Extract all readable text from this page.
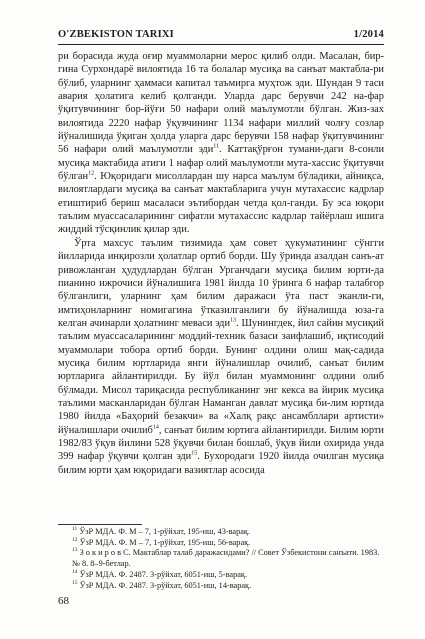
O'ZBEKISTON TARIXI	1/2014

ри борасида жуда оғир муаммоларни мерос қилиб олди. Масалан, бир-гина Сурхондарё вилоятида 16 та болалар мусиқа ва санъат мактабла-ри бўлиб, уларнинг ҳаммаси капитал таъмирга муҳтож эди. Шундан 9 таси авария ҳолатига келиб қолганди. Уларда дарс берувчи 242 на-фар ўқитувчининг бор-йўғи 50 нафари олий маълумотли бўлган. Жиз-зах вилоятида 2220 нафар ўқувчининг 1134 нафари миллий чолғу созлар йўналишида ўқиган ҳолда уларга дарс берувчи 158 нафар ўқитувчининг 56 нафари олий маълумотли эди$^{11}$. Каттақўрғон тумани-даги 8-сонли мусиқа мактабида атиги 1 нафар олий маълумотли мута-хассис ўқитувчи бўлган$^{12}$. Юқоридаги мисоллардан шу нарса маълум бўладики, айниқса, вилоятлардаги мусиқа ва санъат мактабларига учун мутахассис кадрлар етиштириб бериш масаласи эътибордан четда қол-ганди. Бу эса юқори таълим муассасаларининг сифатли мутахассис кадрлар тайёрлаш ишига жиддий тўсқинлик қилар эди.

Ўрта махсус таълим тизимида ҳам совет ҳукуматининг сўнгги йилларида инқирозли ҳолатлар ортиб борди. Шу ўринда азалдан санъ-ат ривожланган ҳудудлардан бўлган Урганчдаги мусиқа билим юрти-да пианино ижрочиси йўналишига 1981 йилда 10 ўринга 6 нафар талабгор бўлганлиги, уларнинг ҳам билим даражаси ўта паст эканли-ги, имтиҳонларнинг номигагина ўтказилганлиги бу йўналишда юза-га келган ачинарли ҳолатнинг меваси эди$^{13}$. Шунингдек, йил сайин мусиқий таълим муассасаларининг моддий-техник базаси заифлашиб, иқтисодий муаммолари тобора ортиб борди. Бунинг олдини олиш мақ-садида мусиқа билим юртларида янги йўналишлар очилиб, санъат билим юртларига айлантирилди. Бу йўл билан муаммонинг олдини олиб бўлмади. Мисол тариқасида республиканинг энг кекса ва йирик мусиқа таълими масканларидан бўлган Наманган давлат мусиқа би-лим юртида 1980 йилда «Баҳорий безакчи» ва «Халқ рақс ансамбллари артисти» йўналишлари очилиб$^{14}$, санъат билим юртига айлантирилди. Билим юрти 1982/83 ўқув йилини 528 ўқувчи билан бошлаб, ўқув йили охирида унда 399 нафар ўқувчи қолган эди$^{15}$. Бухородаги 1920 йилда очилган мусиқа билим юрти ҳам юқоридаги вазиятлар асосида

$^{11}$ ЎзР МДА. Ф. М – 7, 1-рўйхат, 195-иш, 43-варақ.
$^{12}$ ЎзР МДА. Ф. М – 7, 1-рўйхат, 195-иш, 56-варақ.
$^{13}$ З о к и р о в С. Мактаблар талаб даражасидами? // Совет Ўзбекистони санъати. 1983. № 8. 8–9-бетлар.
$^{14}$ ЎзР МДА. Ф. 2487. 3-рўйхат, 6051-иш, 5-варақ.
$^{15}$ ЎзР МДА. Ф. 2487. 3-рўйхат, 6051-иш, 14-варақ.
68
